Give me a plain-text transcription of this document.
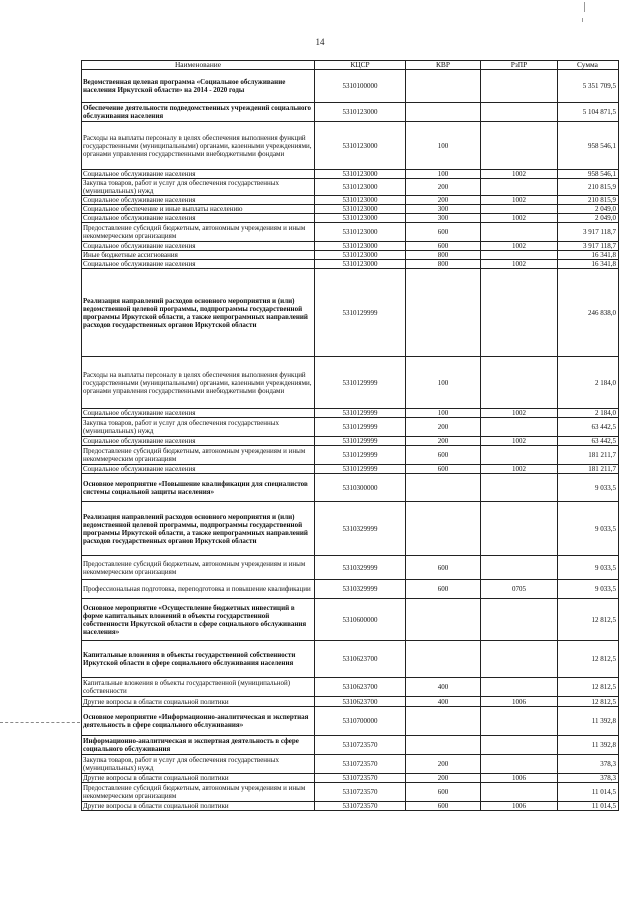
14
Наименование	КЦСР	КВР	РзПР	Сумма
Ведомственная целевая программа «Социальное обслуживание населения Иркутской области» на 2014 - 2020 годы	5310100000			5 351 709,5
Обеспечение деятельности подведомственных учреждений социального обслуживания населения	5310123000			5 104 871,5
Расходы на выплаты персоналу в целях обеспечения выполнения функций государственными (муниципальными) органами, казенными учреждениями, органами управления государственными внебюджетными фондами	5310123000	100		958 546,1
Социальное обслуживание населения	5310123000	100	1002	958 546,1
Закупка товаров, работ и услуг для обеспечения государственных (муниципальных) нужд	5310123000	200		210 815,9
Социальное обслуживание населения	5310123000	200	1002	210 815,9
Социальное обеспечение и иные выплаты населению	5310123000	300		2 049,0
Социальное обслуживание населения	5310123000	300	1002	2 049,0
Предоставление субсидий бюджетным, автономным учреждениям и иным некоммерческим организациям	5310123000	600		3 917 118,7
Социальное обслуживание населения	5310123000	600	1002	3 917 118,7
Иные бюджетные ассигнования	5310123000	800		16 341,8
Социальное обслуживание населения	5310123000	800	1002	16 341,8
Реализация направлений расходов основного мероприятия и (или) ведомственной целевой программы, подпрограммы государственной программы Иркутской области, а также непрограммных направлений расходов государственных органов Иркутской области	5310129999			246 838,0
Расходы на выплаты персоналу в целях обеспечения выполнения функций государственными (муниципальными) органами, казенными учреждениями, органами управления государственными внебюджетными фондами	5310129999	100		2 184,0
Социальное обслуживание населения	5310129999	100	1002	2 184,0
Закупка товаров, работ и услуг для обеспечения государственных (муниципальных) нужд	5310129999	200		63 442,5
Социальное обслуживание населения	5310129999	200	1002	63 442,5
Предоставление субсидий бюджетным, автономным учреждениям и иным некоммерческим организациям	5310129999	600		181 211,7
Социальное обслуживание населения	5310129999	600	1002	181 211,7
Основное мероприятие «Повышение квалификации для специалистов системы социальной защиты населения»	5310300000			9 033,5
Реализация направлений расходов основного мероприятия и (или) ведомственной целевой программы, подпрограммы государственной программы Иркутской области, а также непрограммных направлений расходов государственных органов Иркутской области	5310329999			9 033,5
Предоставление субсидий бюджетным, автономным учреждениям и иным некоммерческим организациям	5310329999	600		9 033,5
Профессиональная подготовка, переподготовка и повышение квалификации	5310329999	600	0705	9 033,5
Основное мероприятие «Осуществление бюджетных инвестиций в форме капитальных вложений в объекты государственной собственности Иркутской области в сфере социального обслуживания населения»	5310600000			12 812,5
Капитальные вложения в объекты государственной собственности Иркутской области в сфере социального обслуживания населения	5310623700			12 812,5
Капитальные вложения в объекты государственной (муниципальной) собственности	5310623700	400		12 812,5
Другие вопросы в области социальной политики	5310623700	400	1006	12 812,5
Основное мероприятие «Информационно-аналитическая и экспертная деятельность в сфере социального обслуживания»	5310700000			11 392,8
Информационно-аналитическая и экспертная деятельность в сфере социального обслуживания	5310723570			11 392,8
Закупка товаров, работ и услуг для обеспечения государственных (муниципальных) нужд	5310723570	200		378,3
Другие вопросы в области социальной политики	5310723570	200	1006	378,3
Предоставление субсидий бюджетным, автономным учреждениям и иным некоммерческим организациям	5310723570	600		11 014,5
Другие вопросы в области социальной политики	5310723570	600	1006	11 014,5
